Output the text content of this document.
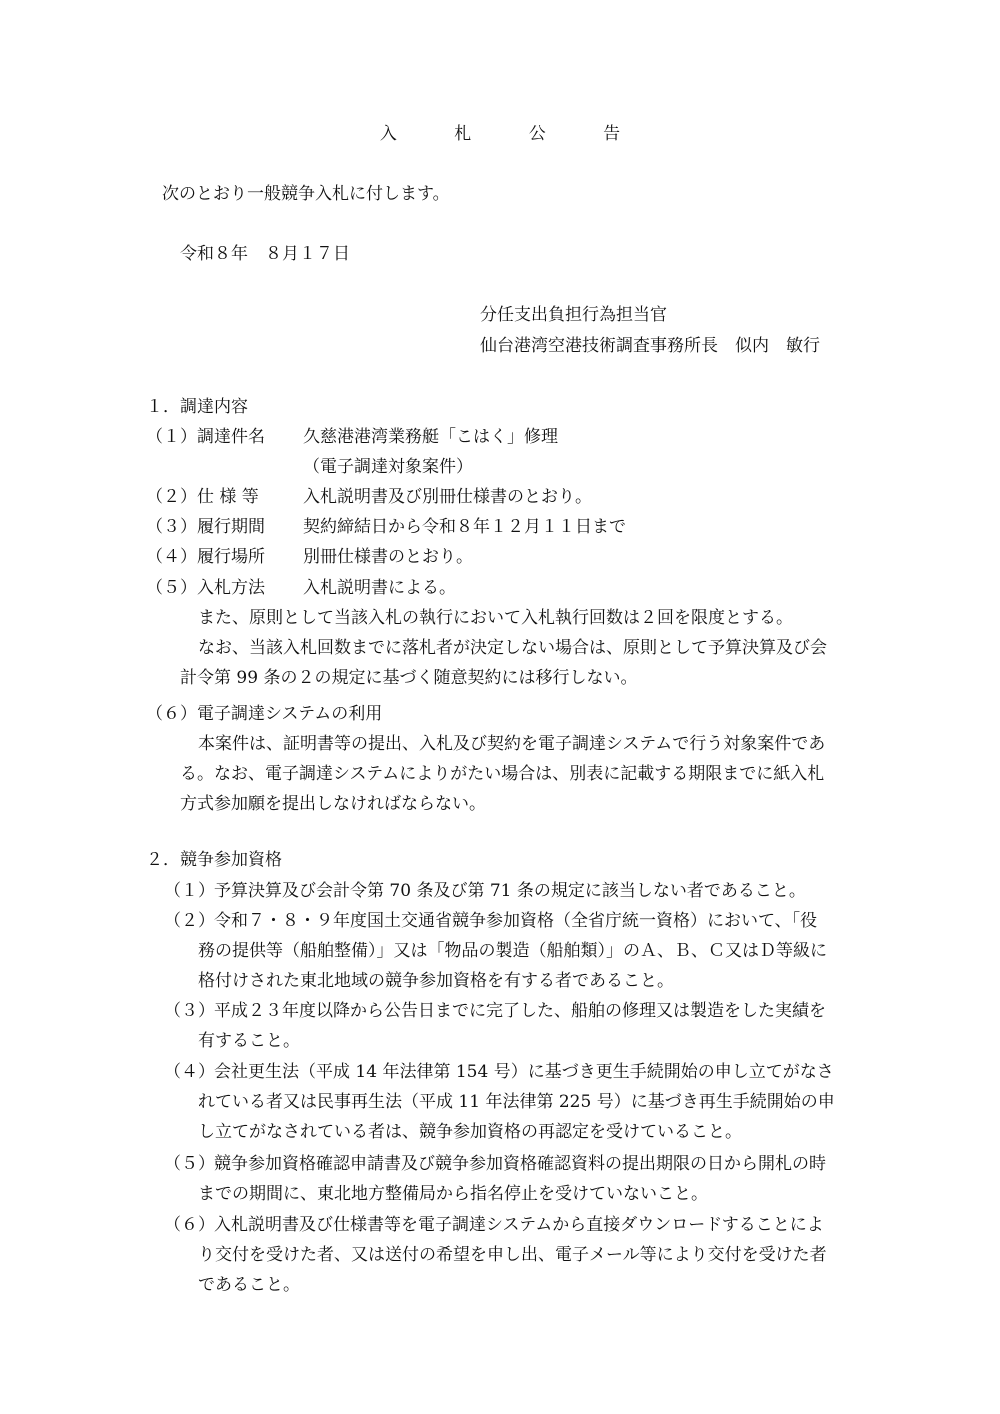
入 札 公 告
次のとおり一般競争入札に付します。
令和８年　８月１７日
分任支出負担行為担当官
仙台港湾空港技術調査事務所長　似内　敏行
１．調達内容
（１）調達件名 久慈港港湾業務艇「こはく」修理
（電子調達対象案件）
（２）仕 様 等	入札説明書及び別冊仕様書のとおり。
（３）履行期間 契約締結日から令和８年１２月１１日まで
（４）履行場所 別冊仕様書のとおり。
（５）入札方法 入札説明書による。
また、原則として当該入札の執行において入札執行回数は２回を限度とする。
なお、当該入札回数までに落札者が決定しない場合は、原則として予算決算及び会
計令第 99 条の２の規定に基づく随意契約には移行しない。
（６）電子調達システムの利用
本案件は、証明書等の提出、入札及び契約を電子調達システムで行う対象案件であ
る。なお、電子調達システムによりがたい場合は、別表に記載する期限までに紙入札
方式参加願を提出しなければならない。
２．競争参加資格
（１） 予算決算及び会計令第 70 条及び第 71 条の規定に該当しない者であること。
（２） 令和７・８・９年度国土交通省競争参加資格（全省庁統一資格）において、「役
務の提供等（船舶整備）」又は「物品の製造（船舶類）」のＡ、Ｂ、Ｃ又はＤ等級に
格付けされた東北地域の競争参加資格を有する者であること。
（３） 平成２３年度以降から公告日までに完了した、船舶の修理又は製造をした実績を
有すること。
（４） 会社更生法（平成 14 年法律第 154 号）に基づき更生手続開始の申し立てがなさ
れている者又は民事再生法（平成 11 年法律第 225 号）に基づき再生手続開始の申
し立てがなされている者は、競争参加資格の再認定を受けていること。
（５） 競争参加資格確認申請書及び競争参加資格確認資料の提出期限の日から開札の時
までの期間に、東北地方整備局から指名停止を受けていないこと。
（６） 入札説明書及び仕様書等を電子調達システムから直接ダウンロードすることによ
り交付を受けた者、又は送付の希望を申し出、電子メール等により交付を受けた者
であること。
